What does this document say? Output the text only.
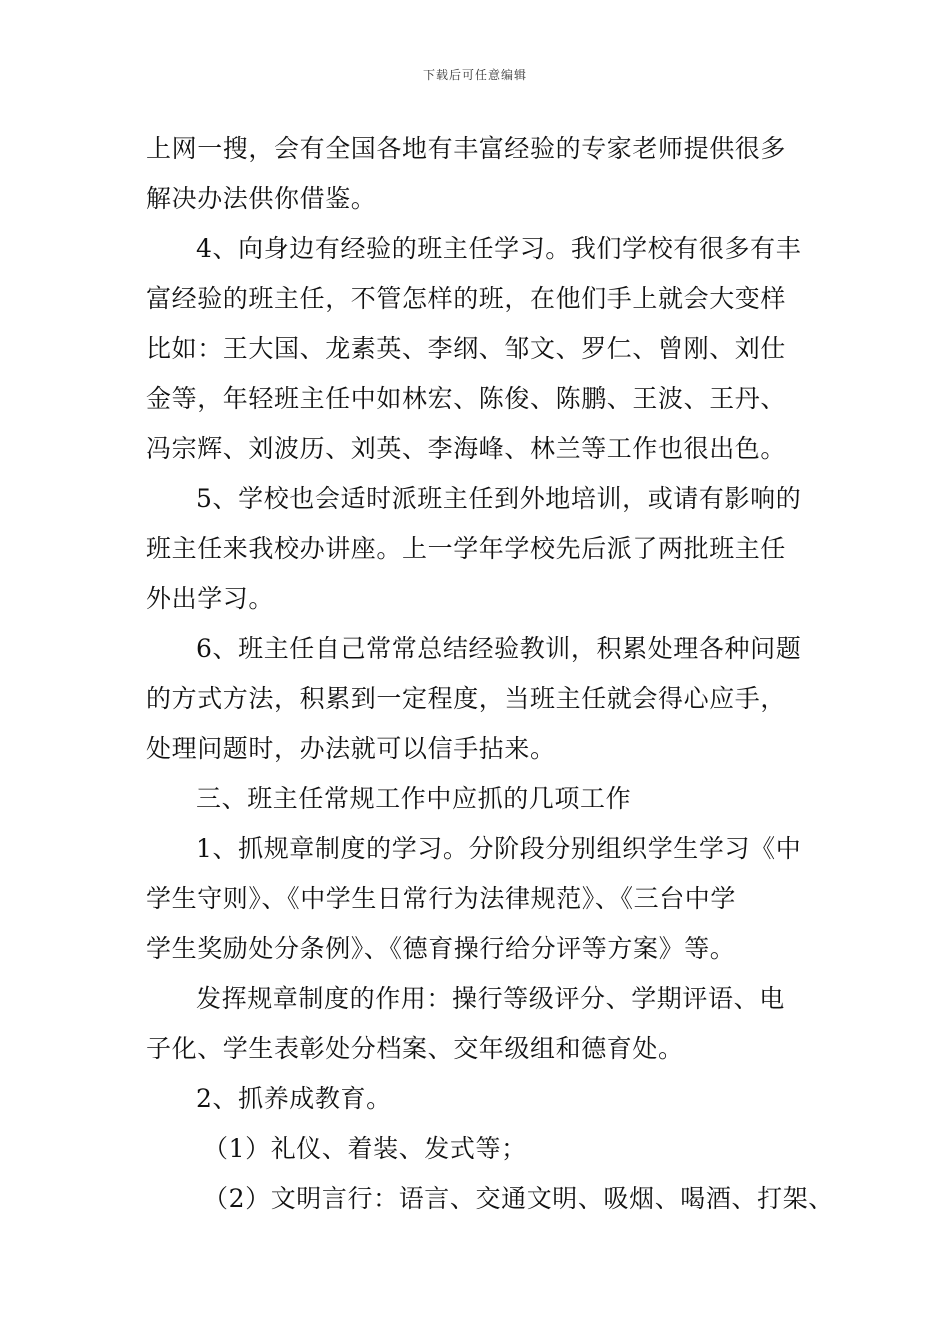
下载后可任意编辑
上网一搜，会有全国各地有丰富经验的专家老师提供很多
解决办法供你借鉴。
4、向身边有经验的班主任学习。我们学校有很多有丰
富经验的班主任，不管怎样的班，在他们手上就会大变样
比如：王大国、龙素英、李纲、邹文、罗仁、曾刚、刘仕
金等，年轻班主任中如林宏、陈俊、陈鹏、王波、王丹、
冯宗辉、刘波历、刘英、李海峰、林兰等工作也很出色。
5、学校也会适时派班主任到外地培训，或请有影响的
班主任来我校办讲座。上一学年学校先后派了两批班主任
外出学习。
6、班主任自己常常总结经验教训，积累处理各种问题
的方式方法，积累到一定程度，当班主任就会得心应手，
处理问题时，办法就可以信手拈来。
三、班主任常规工作中应抓的几项工作
1、抓规章制度的学习。分阶段分别组织学生学习《中
学生守则》、《中学生日常行为法律规范》、《三台中学
学生奖励处分条例》、《德育操行给分评等方案》等。
发挥规章制度的作用：操行等级评分、学期评语、电
子化、学生表彰处分档案、交年级组和德育处。
2、抓养成教育。
（1）礼仪、着装、发式等；
（2）文明言行：语言、交通文明、吸烟、喝酒、打架、
